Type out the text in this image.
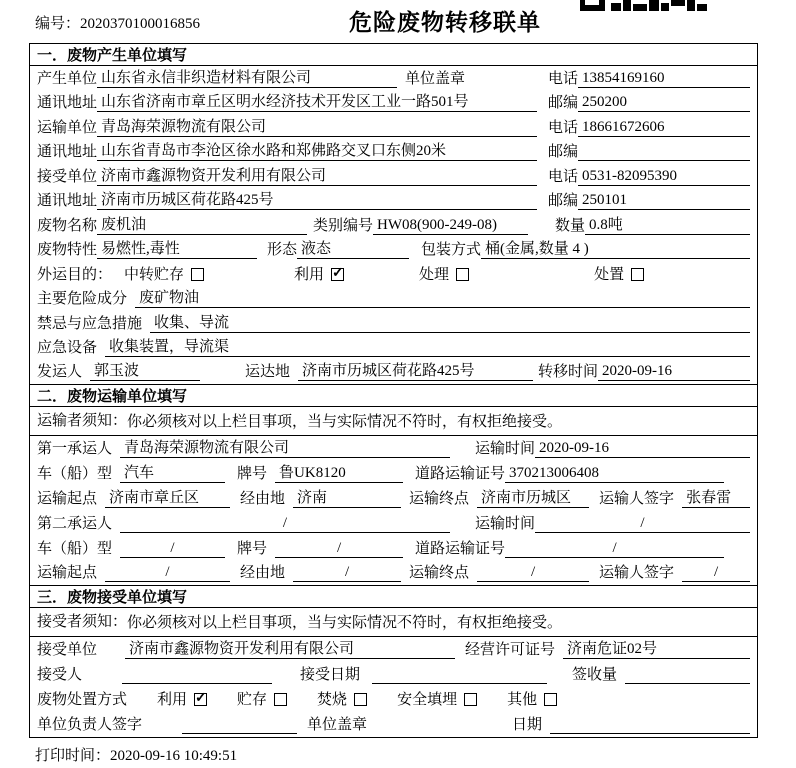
编号：2020370100016856	危险废物转移联单
一．废物产生单位填写
产生单位 山东省永信非织造材料有限公司	单位盖章	电话 13854169160
通讯地址 山东省济南市章丘区明水经济技术开发区工业一路501号	邮编 250200
运输单位 青岛海荣源物流有限公司	电话 18661672606
通讯地址 山东省青岛市李沧区徐水路和郑佛路交叉口东侧20米	邮编
接受单位 济南市鑫源物资开发利用有限公司	电话 0531-82095390
通讯地址 济南市历城区荷花路425号	邮编 250101
废物名称 废机油	类别编号 HW08(900-249-08)	数量 0.8吨
废物特性 易燃性,毒性	形态 液态	包装方式 桶(金属,数量 4 )
外运目的： 中转贮存	利用 ✓	处理	处置
主要危险成分 废矿物油
禁忌与应急措施 收集、导流
应急设备 收集装置，导流渠
发运人 郭玉波	运达地 济南市历城区荷花路425号	转移时间 2020-09-16
二．废物运输单位填写
运输者须知： 你必须核对以上栏目事项，当与实际情况不符时，有权拒绝接受。
第一承运人 青岛海荣源物流有限公司	运输时间 2020-09-16
车（船）型 汽车	牌号 鲁UK8120	道路运输证号 370213006408
运输起点 济南市章丘区	经由地 济南	运输终点 济南市历城区	运输人签字 张春雷
第二承运人	/	运输时间	/
车（船）型	/	牌号	/	道路运输证号	/
运输起点	/	经由地	/	运输终点	/	运输人签字	/
三．废物接受单位填写
接受者须知： 你必须核对以上栏目事项，当与实际情况不符时，有权拒绝接受。
接受单位 济南市鑫源物资开发利用有限公司	经营许可证号 济南危证02号
接受人	接受日期	签收量
废物处置方式 利用 ✓	贮存	焚烧	安全填埋	其他
单位负责人签字	单位盖章	日期
打印时间：2020-09-16 10:49:51
